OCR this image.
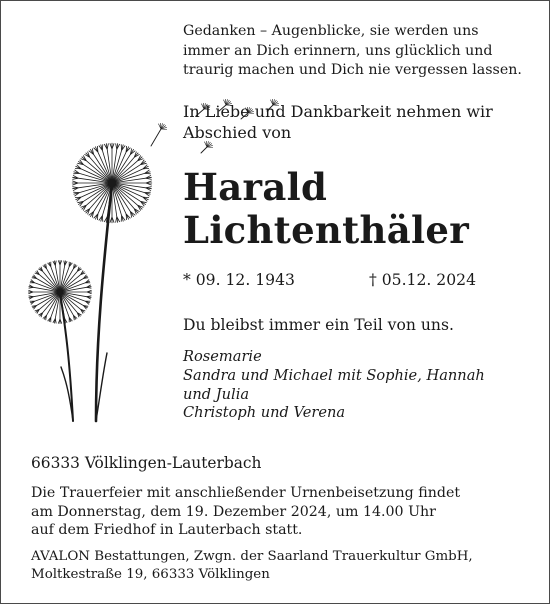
Gedanken – Augenblicke, sie werden uns
immer an Dich erinnern, uns glücklich und
traurig machen und Dich nie vergessen lassen.
In Liebe und Dankbarkeit nehmen wir
Abschied von
Harald
Lichtenthäler
* 09. 12. 1943	† 05.12. 2024
Du bleibst immer ein Teil von uns.
Rosemarie
Sandra und Michael mit Sophie, Hannah
und Julia
Christoph und Verena
66333 Völklingen-Lauterbach
Die Trauerfeier mit anschließender Urnenbeisetzung findet
am Donnerstag, dem 19. Dezember 2024, um 14.00 Uhr
auf dem Friedhof in Lauterbach statt.
AVALON Bestattungen, Zwgn. der Saarland Trauerkultur GmbH,
Moltkestraße 19, 66333 Völklingen
